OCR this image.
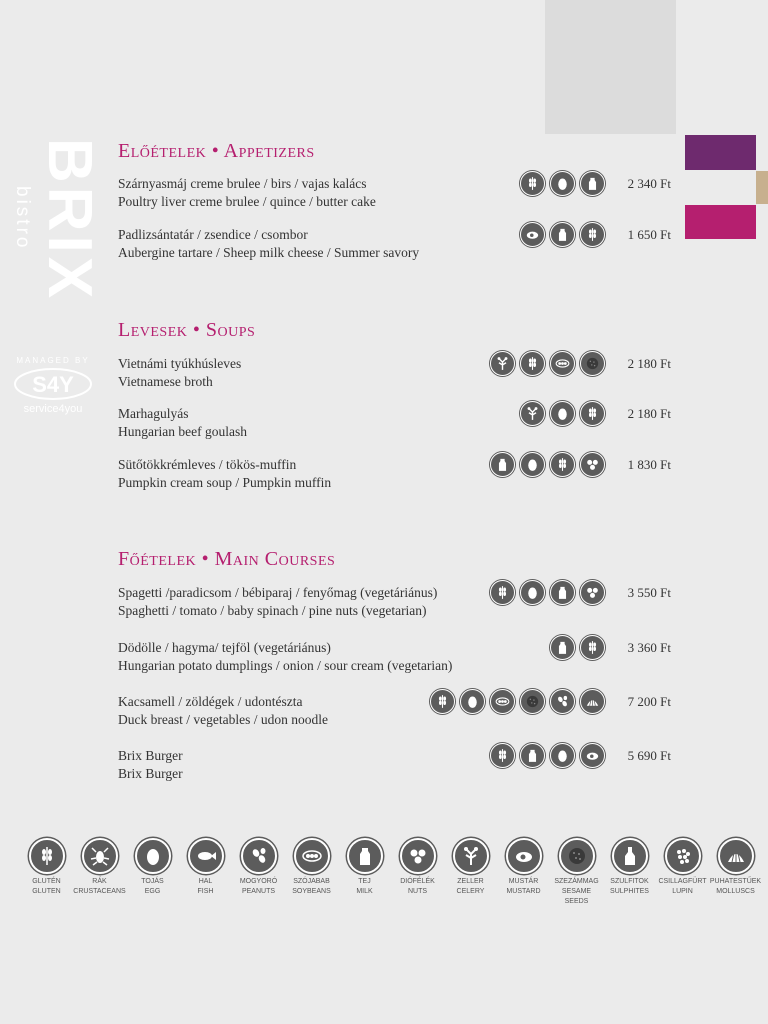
BRIX
bistro
MANAGED BY
S4Y
service4you
Előételek • Appetizers
Szárnyasmáj creme brulee / birs / vajas kalács
Poultry liver creme brulee / quince / butter cake
2 340 Ft
Padlizsántatár / zsendice / csombor
Aubergine tartare / Sheep milk cheese / Summer savory
1 650 Ft
Levesek • Soups
Vietnámi tyúkhúsleves
Vietnamese broth
2 180 Ft
Marhagulyás
Hungarian beef goulash
2 180 Ft
Sütőtökkrémleves / tökös-muffin
Pumpkin cream soup / Pumpkin muffin
1 830 Ft
Főételek • Main Courses
Spagetti /paradicsom / bébiparaj / fenyőmag (vegetáriánus)
Spaghetti / tomato / baby spinach / pine nuts (vegetarian)
3 550 Ft
Dödölle / hagyma/ tejföl (vegetáriánus)
Hungarian potato dumplings / onion / sour cream (vegetarian)
3 360 Ft
Kacsamell / zöldégek / udontészta
Duck breast / vegetables / udon noodle
7 200 Ft
Brix Burger
Brix Burger
5 690 Ft
GLUTÉN
GLUTEN
RÁK
CRUSTACEANS
TOJÁS
EGG
HAL
FISH
MOGYORÓ
PEANUTS
SZÓJABAB
SOYBEANS
TEJ
MILK
DIÓFÉLÉK
NUTS
ZELLER
CELERY
MUSTÁR
MUSTARD
SZEZÁMMAG
SESAME SEEDS
SZULFITOK
SULPHITES
CSILLAGFÜRT
LUPIN
PUHATESTŰEK
MOLLUSCS
